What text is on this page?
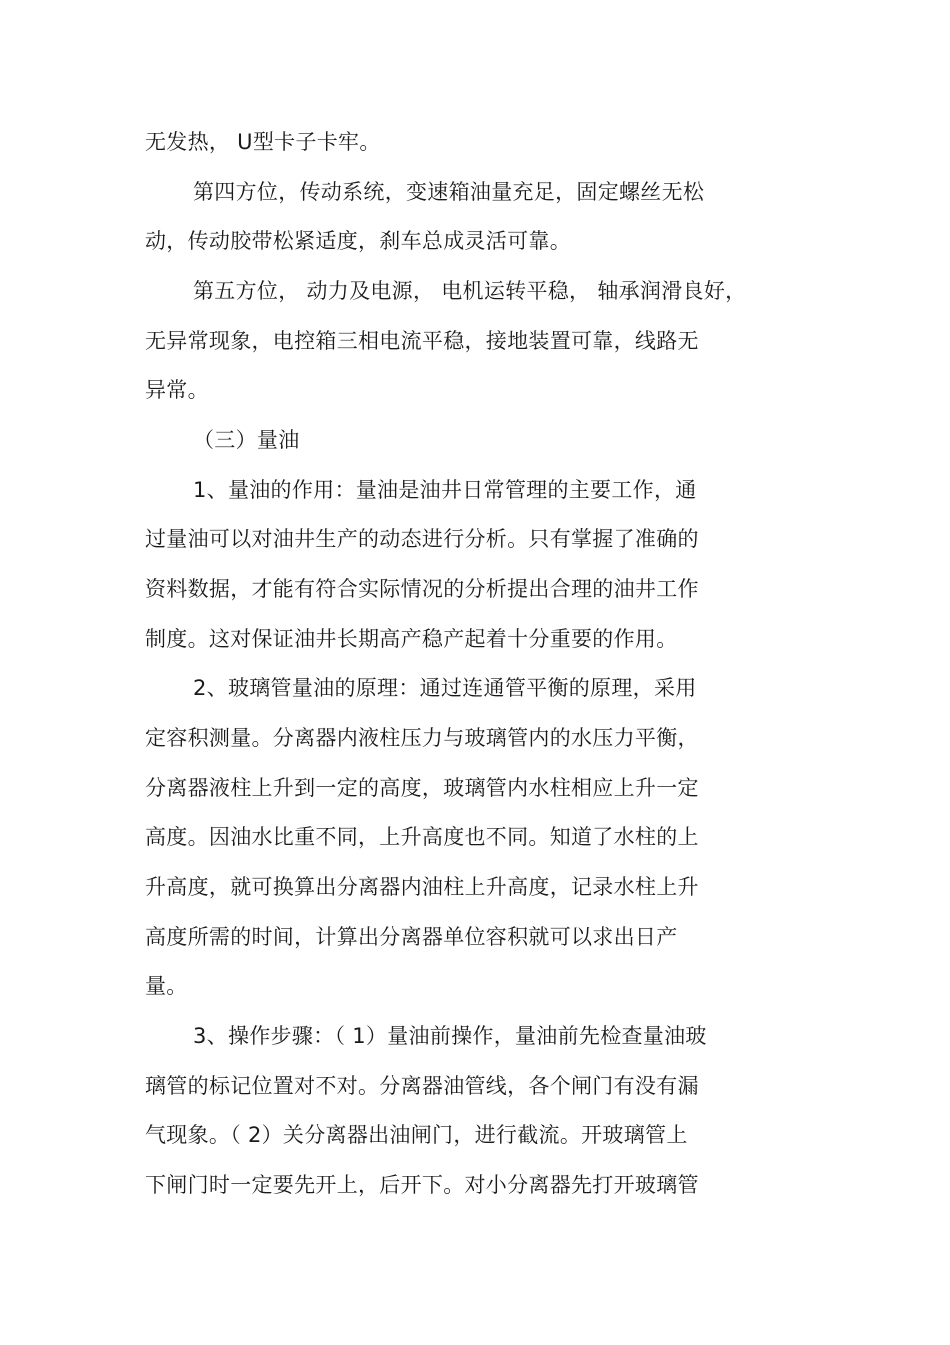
无发热， U型卡子卡牢。
第四方位，传动系统，变速箱油量充足，固定螺丝无松
动，传动胶带松紧适度，刹车总成灵活可靠。
第五方位， 动力及电源， 电机运转平稳， 轴承润滑良好，
无异常现象，电控箱三相电流平稳，接地装置可靠，线路无
异常。
（三）量油
1、量油的作用：量油是油井日常管理的主要工作，通
过量油可以对油井生产的动态进行分析。只有掌握了准确的
资料数据，才能有符合实际情况的分析提出合理的油井工作
制度。这对保证油井长期高产稳产起着十分重要的作用。
2、玻璃管量油的原理：通过连通管平衡的原理，采用
定容积测量。分离器内液柱压力与玻璃管内的水压力平衡，
分离器液柱上升到一定的高度，玻璃管内水柱相应上升一定
高度。因油水比重不同，上升高度也不同。知道了水柱的上
升高度，就可换算出分离器内油柱上升高度，记录水柱上升
高度所需的时间，计算出分离器单位容积就可以求出日产
量。
3、操作步骤：（ 1）量油前操作，量油前先检查量油玻
璃管的标记位置对不对。分离器油管线，各个闸门有没有漏
气现象。（ 2）关分离器出油闸门，进行截流。开玻璃管上
下闸门时一定要先开上，后开下。对小分离器先打开玻璃管
